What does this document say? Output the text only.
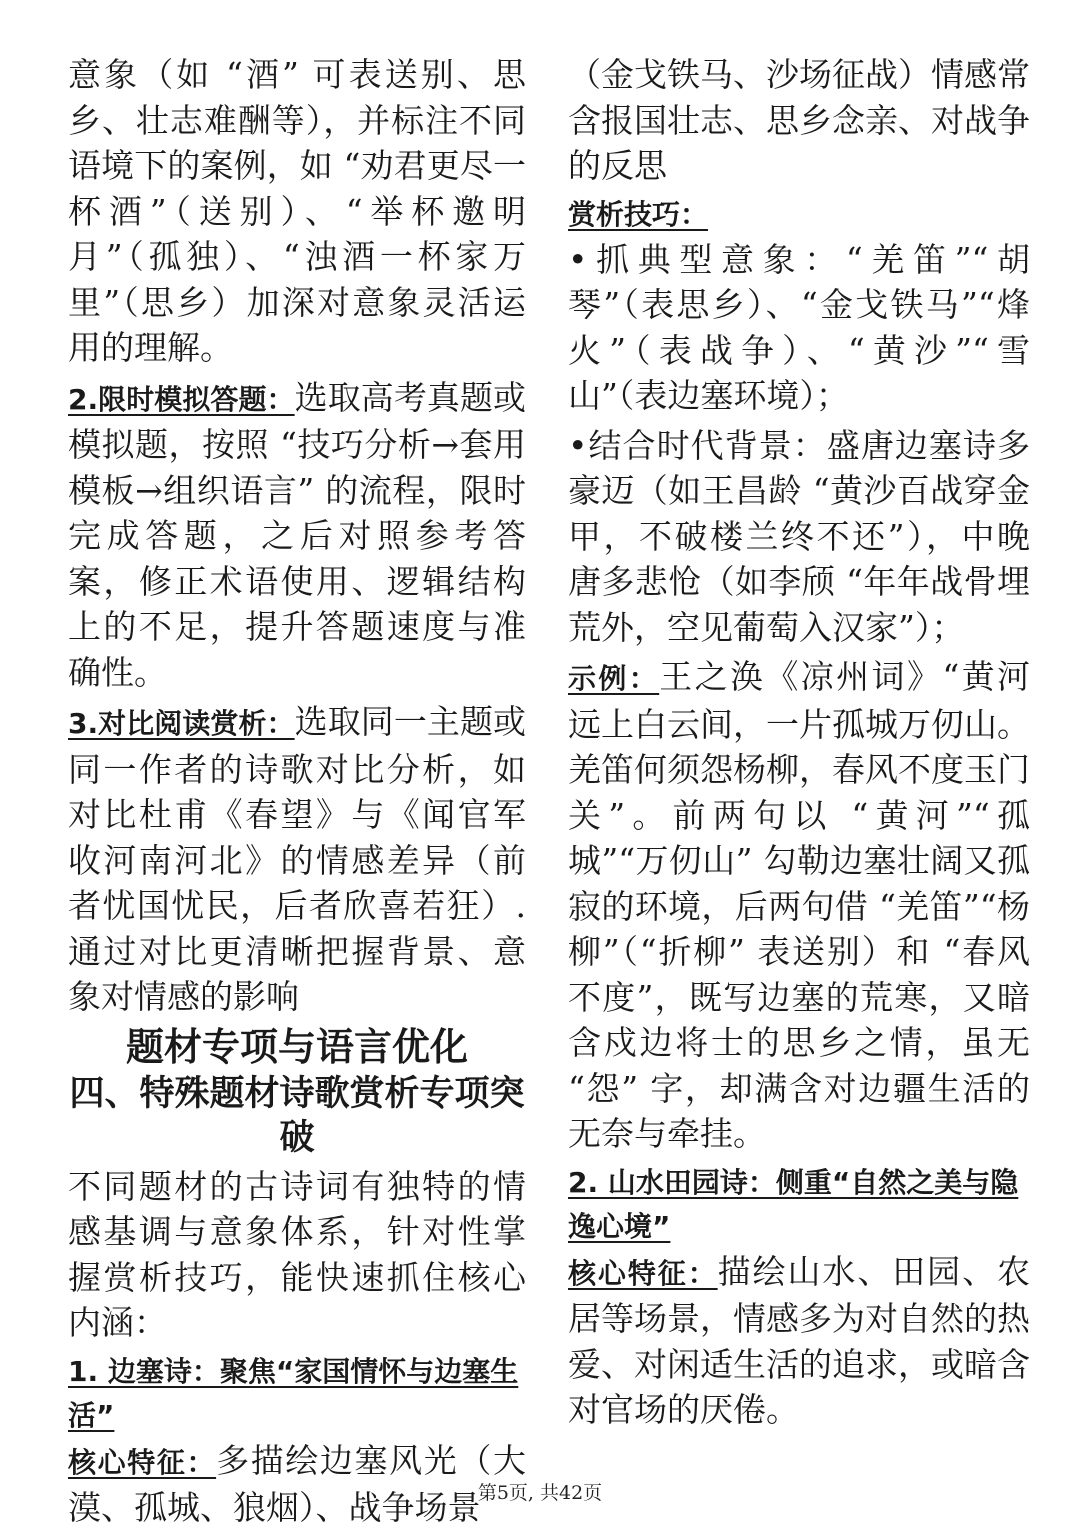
意象（如 “酒” 可表送别、思乡、壮志难酬等），并标注不同语境下的案例，如 “劝君更尽一杯酒”（送别）、“举杯邀明月”（孤独）、“浊酒一杯家万里”（思乡）加深对意象灵活运用的理解。

2.限时模拟答题：选取高考真题或模拟题，按照 “技巧分析→套用模板→组织语言” 的流程，限时完成答题，之后对照参考答案，修正术语使用、逻辑结构上的不足，提升答题速度与准确性。

3.对比阅读赏析：选取同一主题或同一作者的诗歌对比分析，如对比杜甫《春望》与《闻官军收河南河北》的情感差异（前者忧国忧民，后者欣喜若狂）. 通过对比更清晰把握背景、意象对情感的影响

题材专项与语言优化
四、特殊题材诗歌赏析专项突破

不同题材的古诗词有独特的情感基调与意象体系，针对性掌握赏析技巧，能快速抓住核心内涵：

1. 边塞诗：聚焦“家国情怀与边塞生活”

核心特征：多描绘边塞风光（大漠、孤城、狼烟）、战争场景

（金戈铁马、沙场征战）情感常含报国壮志、思乡念亲、对战争的反思

赏析技巧：

•抓典型意象：“羌笛”“胡琴”（表思乡）、“金戈铁马”“烽火”（表战争）、“黄沙”“雪山”（表边塞环境）；

•结合时代背景：盛唐边塞诗多豪迈（如王昌龄 “黄沙百战穿金甲，不破楼兰终不还”），中晚唐多悲怆（如李颀 “年年战骨埋荒外，空见葡萄入汉家”）；

示例：王之涣《凉州词》“黄河远上白云间，一片孤城万仞山。羌笛何须怨杨柳，春风不度玉门关”。前两句以 “黄河”“孤城”“万仞山” 勾勒边塞壮阔又孤寂的环境，后两句借 “羌笛”“杨柳”（“折柳” 表送别）和 “春风不度”，既写边塞的荒寒，又暗含戍边将士的思乡之情，虽无 “怨” 字，却满含对边疆生活的无奈与牵挂。

2. 山水田园诗：侧重“自然之美与隐逸心境”

核心特征：描绘山水、田园、农居等场景，情感多为对自然的热爱、对闲适生活的追求，或暗含对官场的厌倦。

第5页, 共42页
